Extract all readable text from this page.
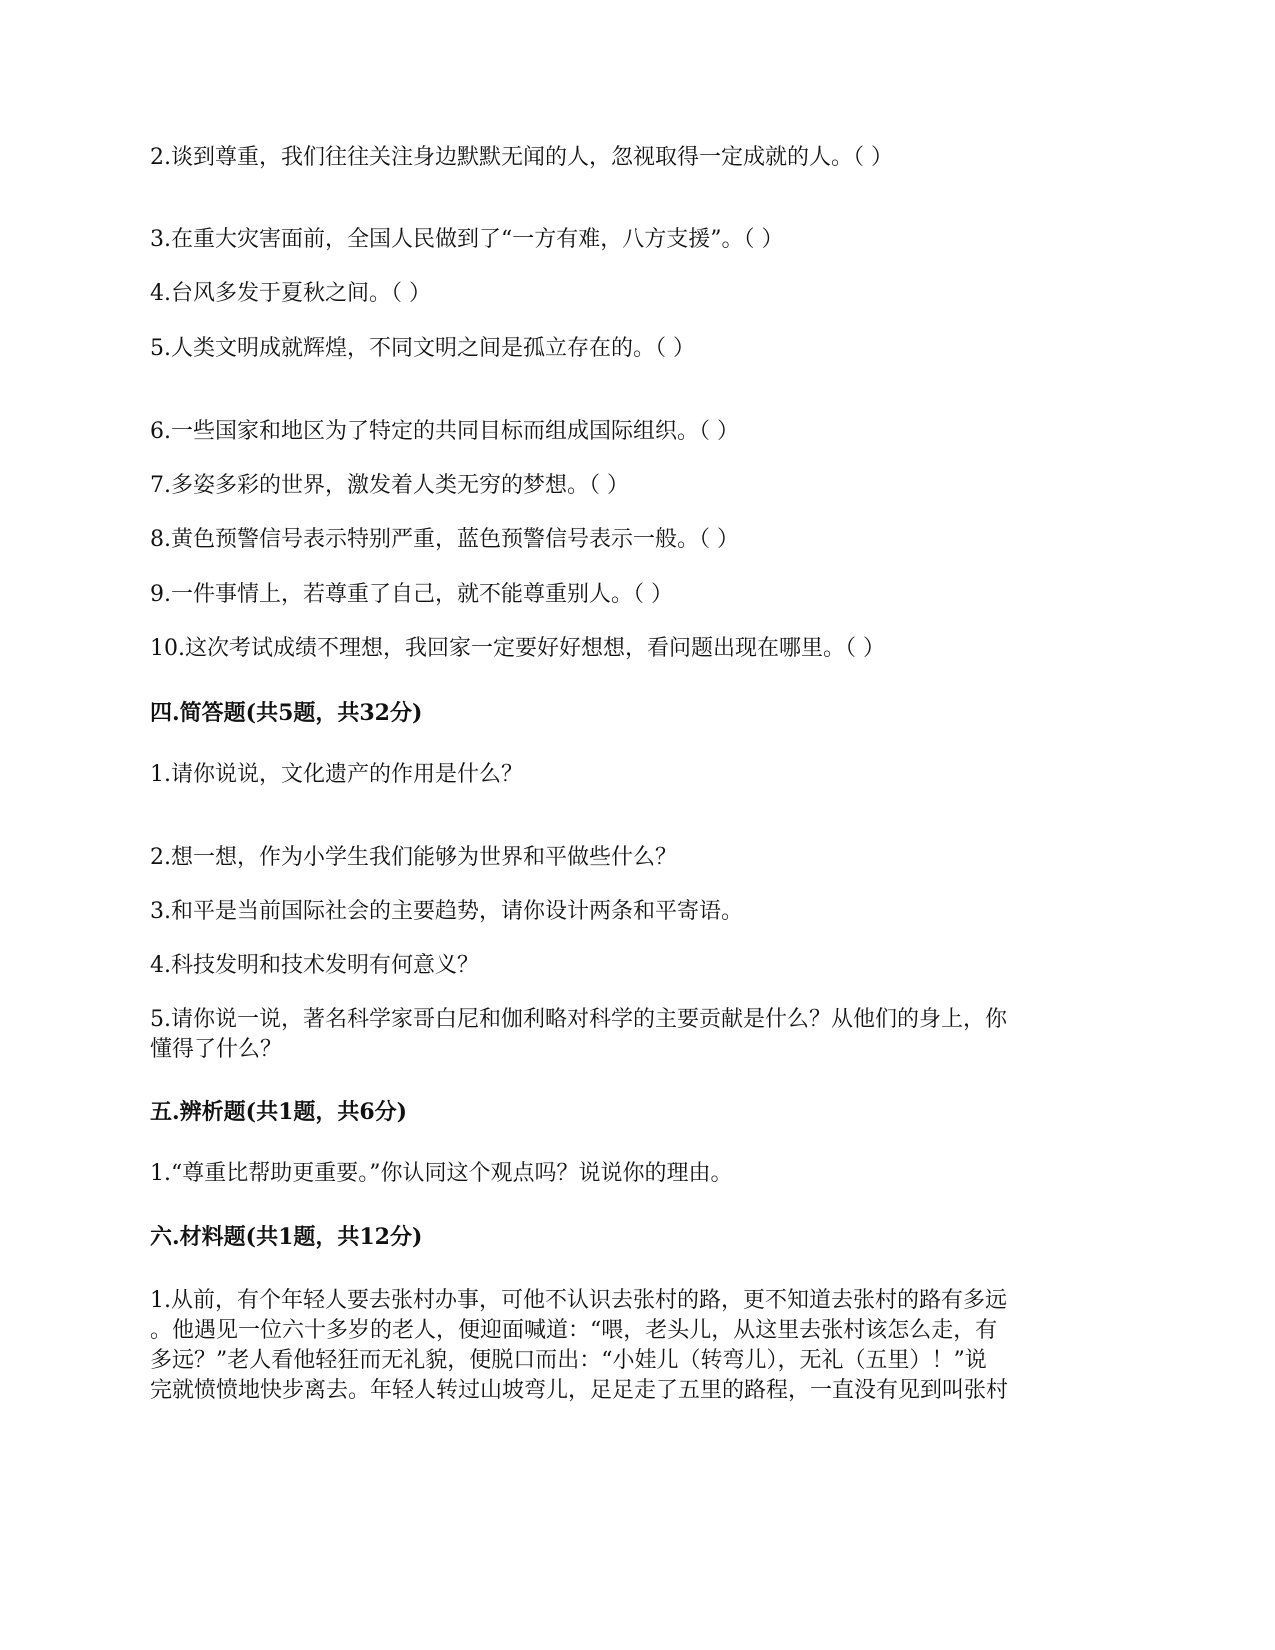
2.谈到尊重，我们往往关注身边默默无闻的人，忽视取得一定成就的人。（ ）
3.在重大灾害面前，全国人民做到了“一方有难，八方支援”。（ ）
4.台风多发于夏秋之间。（ ）
5.人类文明成就辉煌，不同文明之间是孤立存在的。（ ）
6.一些国家和地区为了特定的共同目标而组成国际组织。（ ）
7.多姿多彩的世界，激发着人类无穷的梦想。（ ）
8.黄色预警信号表示特别严重，蓝色预警信号表示一般。（ ）
9.一件事情上，若尊重了自己，就不能尊重别人。（ ）
10.这次考试成绩不理想，我回家一定要好好想想，看问题出现在哪里。（ ）
四.简答题(共5题，共32分)
1.请你说说，文化遗产的作用是什么？
2.想一想，作为小学生我们能够为世界和平做些什么？
3.和平是当前国际社会的主要趋势，请你设计两条和平寄语。
4.科技发明和技术发明有何意义？
5.请你说一说，著名科学家哥白尼和伽利略对科学的主要贡献是什么？从他们的身上，你
懂得了什么？
五.辨析题(共1题，共6分)
1.“尊重比帮助更重要。”你认同这个观点吗？说说你的理由。
六.材料题(共1题，共12分)
1.从前，有个年轻人要去张村办事，可他不认识去张村的路，更不知道去张村的路有多远
。他遇见一位六十多岁的老人，便迎面喊道：“喂，老头儿，从这里去张村该怎么走，有
多远？”老人看他轻狂而无礼貌，便脱口而出：“小娃儿（转弯儿），无礼（五里）！”说
完就愤愤地快步离去。年轻人转过山坡弯儿，足足走了五里的路程，一直没有见到叫张村
